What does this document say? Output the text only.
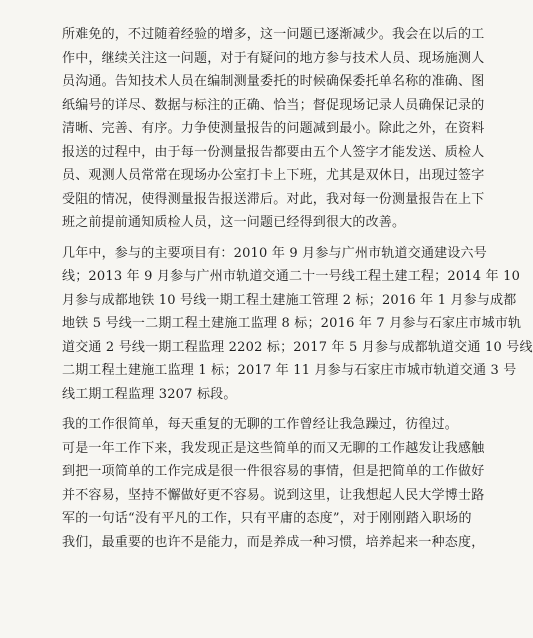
所难免的，不过随着经验的增多，这一问题已逐渐减少。我会在以后的工
作中，继续关注这一问题，对于有疑问的地方参与技术人员、现场施测人
员沟通。告知技术人员在编制测量委托的时候确保委托单名称的准确、图
纸编号的详尽、数据与标注的正确、恰当；督促现场记录人员确保记录的
清晰、完善、有序。力争使测量报告的问题减到最小。除此之外，在资料
报送的过程中，由于每一份测量报告都要由五个人签字才能发送、质检人
员、观测人员常常在现场办公室打卡上下班，尤其是双休日，出现过签字
受阻的情况，使得测量报告报送滞后。对此，我对每一份测量报告在上下
班之前提前通知质检人员，这一问题已经得到很大的改善。
几年中，参与的主要项目有：2010 年 9 月参与广州市轨道交通建设六号
线；2013 年 9 月参与广州市轨道交通二十一号线工程土建工程；2014 年 10
月参与成都地铁 10 号线一期工程土建施工管理 2 标；2016 年 1 月参与成都
地铁 5 号线一二期工程土建施工监理 8 标；2016 年 7 月参与石家庄市城市轨
道交通 2 号线一期工程监理 2202 标；2017 年 5 月参与成都轨道交通 10 号线
二期工程土建施工监理 1 标；2017 年 11 月参与石家庄市城市轨道交通 3 号
线工期工程监理 3207 标段。
我的工作很简单，每天重复的无聊的工作曾经让我急躁过，彷徨过。
可是一年工作下来，我发现正是这些简单的而又无聊的工作越发让我感触
到把一项简单的工作完成是很一件很容易的事情，但是把简单的工作做好
并不容易，坚持不懈做好更不容易。说到这里，让我想起人民大学博士路
军的一句话“没有平凡的工作，只有平庸的态度”，对于刚刚踏入职场的
我们，最重要的也许不是能力，而是养成一种习惯，培养起来一种态度，
